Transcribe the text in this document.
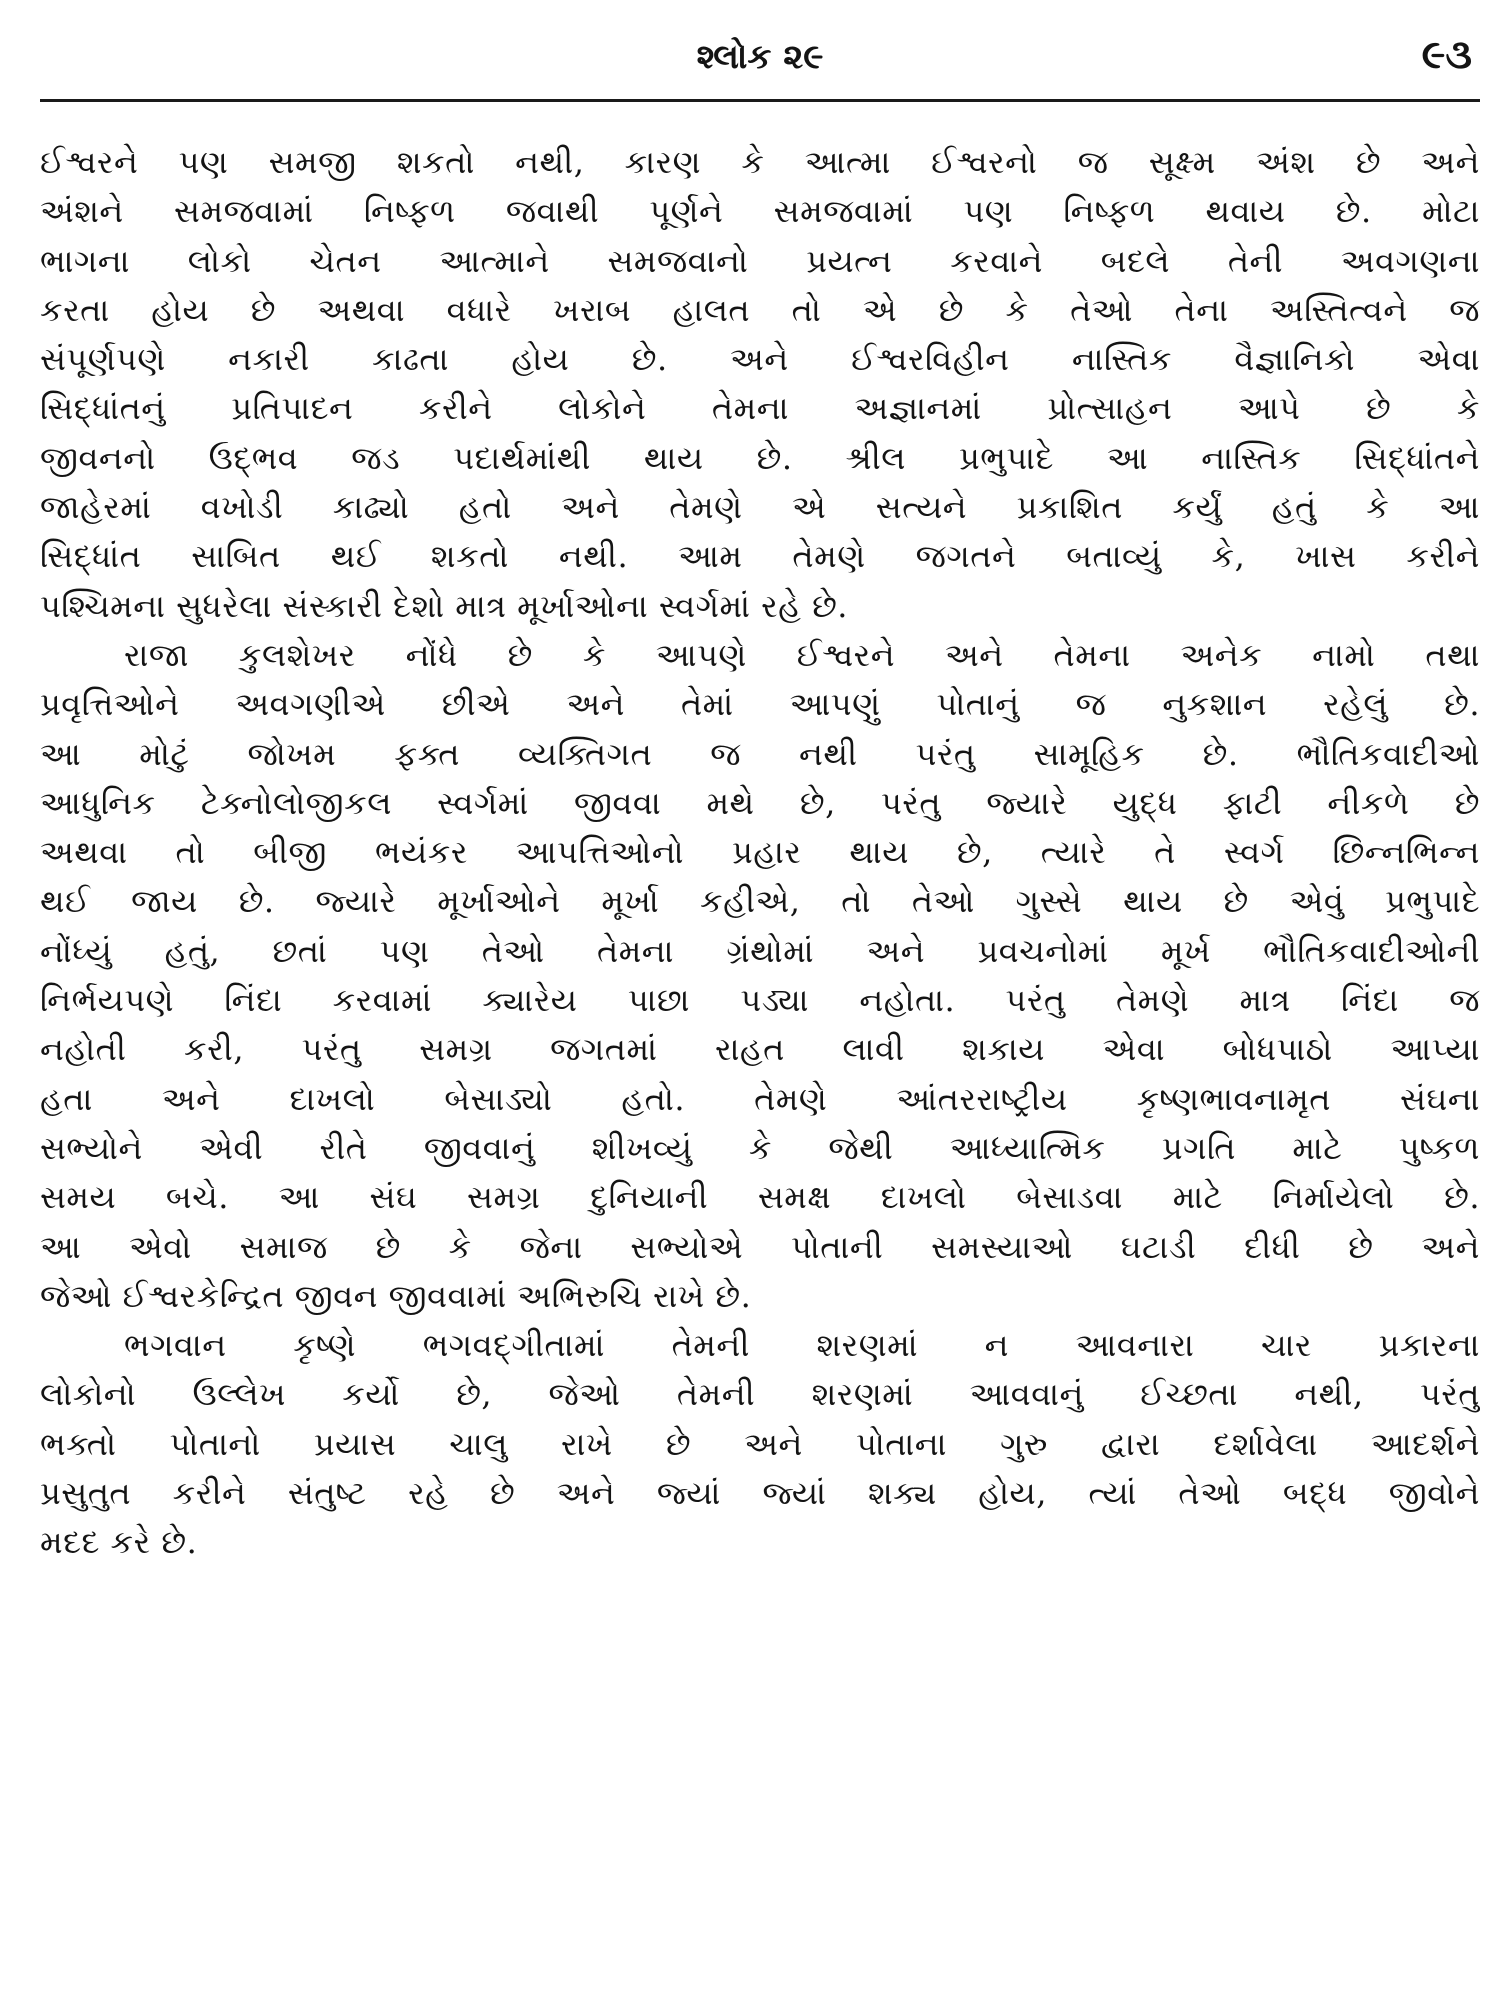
શ્લોક ૨૯	૯૩
ઈશ્વરને પણ સમજી શકતો નથી, કારણ કે આત્મા ઈશ્વરનો જ સૂક્ષ્મ અંશ છે અને
અંશને સમજવામાં નિષ્ફળ જવાથી પૂર્ણને સમજવામાં પણ નિષ્ફળ થવાય છે. મોટા
ભાગના લોકો ચેતન આત્માને સમજવાનો પ્રયત્ન કરવાને બદલે તેની અવગણના
કરતા હોય છે અથવા વધારે ખરાબ હાલત તો એ છે કે તેઓ તેના અસ્તિત્વને જ
સંપૂર્ણપણે નકારી કાઢતા હોય છે. અને ઈશ્વરવિહીન નાસ્તિક વૈજ્ઞાનિકો એવા
સિદ્ધાંતનું પ્રતિપાદન કરીને લોકોને તેમના અજ્ઞાનમાં પ્રોત્સાહન આપે છે કે
જીવનનો ઉદ્ભવ જડ પદાર્થમાંથી થાય છે. શ્રીલ પ્રભુપાદે આ નાસ્તિક સિદ્ધાંતને
જાહેરમાં વખોડી કાઢ્યો હતો અને તેમણે એ સત્યને પ્રકાશિત કર્યું હતું કે આ
સિદ્ધાંત સાબિત થઈ શકતો નથી. આમ તેમણે જગતને બતાવ્યું કે, ખાસ કરીને
પશ્ચિમના સુધરેલા સંસ્કારી દેશો માત્ર મૂર્ખાઓના સ્વર્ગમાં રહે છે.
રાજા કુલશેખર નોંધે છે કે આપણે ઈશ્વરને અને તેમના અનેક નામો તથા
પ્રવૃત્તિઓને અવગણીએ છીએ અને તેમાં આપણું પોતાનું જ નુકશાન રહેલું છે.
આ મોટું જોખમ ફક્ત વ્યક્તિગત જ નથી પરંતુ સામૂહિક છે. ભૌતિકવાદીઓ
આધુનિક ટેક્નોલોજીકલ સ્વર્ગમાં જીવવા મથે છે, પરંતુ જ્યારે યુદ્ધ ફાટી નીકળે છે
અથવા તો બીજી ભયંકર આપત્તિઓનો પ્રહાર થાય છે, ત્યારે તે સ્વર્ગ છિન્નભિન્ન
થઈ જાય છે. જ્યારે મૂર્ખાઓને મૂર્ખા કહીએ, તો તેઓ ગુસ્સે થાય છે એવું પ્રભુપાદે
નોંધ્યું હતું, છતાં પણ તેઓ તેમના ગ્રંથોમાં અને પ્રવચનોમાં મૂર્ખ ભૌતિકવાદીઓની
નિર્ભયપણે નિંદા કરવામાં ક્યારેય પાછા પડ્યા નહોતા. પરંતુ તેમણે માત્ર નિંદા જ
નહોતી કરી, પરંતુ સમગ્ર જગતમાં રાહત લાવી શકાય એવા બોધપાઠો આપ્યા
હતા અને દાખલો બેસાડ્યો હતો. તેમણે આંતરરાષ્ટ્રીય કૃષ્ણભાવનામૃત સંઘના
સભ્યોને એવી રીતે જીવવાનું શીખવ્યું કે જેથી આધ્યાત્મિક પ્રગતિ માટે પુષ્કળ
સમય બચે. આ સંઘ સમગ્ર દુનિયાની સમક્ષ દાખલો બેસાડવા માટે નિર્માયેલો છે.
આ એવો સમાજ છે કે જેના સભ્યોએ પોતાની સમસ્યાઓ ઘટાડી દીધી છે અને
જેઓ ઈશ્વરકેન્દ્રિત જીવન જીવવામાં અભિરુચિ રાખે છે.
ભગવાન કૃષ્ણે ભગવદ્ગીતામાં તેમની શરણમાં ન આવનારા ચાર પ્રકારના
લોકોનો ઉલ્લેખ કર્યો છે, જેઓ તેમની શરણમાં આવવાનું ઈચ્છતા નથી, પરંતુ
ભક્તો પોતાનો પ્રયાસ ચાલુ રાખે છે અને પોતાના ગુરુ દ્વારા દર્શાવેલા આદર્શને
પ્રસુતુત કરીને સંતુષ્ટ રહે છે અને જ્યાં જ્યાં શક્ય હોય, ત્યાં તેઓ બદ્ધ જીવોને
મદદ કરે છે.
